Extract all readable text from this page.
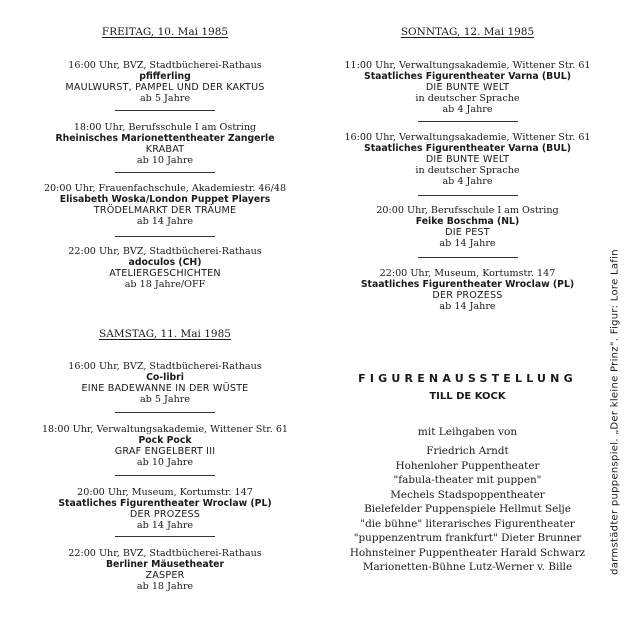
FREITAG, 10. Mai 1985
16:00 Uhr, BVZ, Stadtbücherei-Rathaus
pfifferling
MAULWURST, PAMPEL UND DER KAKTUS
ab 5 Jahre
18:00 Uhr, Berufsschule I am Ostring
Rheinisches Marionettentheater Zangerle
KRABAT
ab 10 Jahre
20:00 Uhr, Frauenfachschule, Akademiestr. 46/48
Elisabeth Woska/London Puppet Players
TRÖDELMARKT DER TRÄUME
ab 14 Jahre
22:00 Uhr, BVZ, Stadtbücherei-Rathaus
adoculos (CH)
ATELIERGESCHICHTEN
ab 18 Jahre/OFF
SAMSTAG, 11. Mai 1985
16:00 Uhr, BVZ, Stadtbücherei-Rathaus
Co-libri
EINE BADEWANNE IN DER WÜSTE
ab 5 Jahre
18:00 Uhr, Verwaltungsakademie, Wittener Str. 61
Pock Pock
GRAF ENGELBERT III
ab 10 Jahre
20:00 Uhr, Museum, Kortumstr. 147
Staatliches Figurentheater Wroclaw (PL)
DER PROZESS
ab 14 Jahre
22:00 Uhr, BVZ, Stadtbücherei-Rathaus
Berliner Mäusetheater
ZASPER
ab 18 Jahre
SONNTAG, 12. Mai 1985
11:00 Uhr, Verwaltungsakademie, Wittener Str. 61
Staatliches Figurentheater Varna (BUL)
DIE BUNTE WELT
in deutscher Sprache
ab 4 Jahre
16:00 Uhr, Verwaltungsakademie, Wittener Str. 61
Staatliches Figurentheater Varna (BUL)
DIE BUNTE WELT
in deutscher Sprache
ab 4 Jahre
20:00 Uhr, Berufsschule I am Ostring
Feike Boschma (NL)
DIE PEST
ab 14 Jahre
22:00 Uhr, Museum, Kortumstr. 147
Staatliches Figurentheater Wroclaw (PL)
DER PROZESS
ab 14 Jahre
FIGURENAUSSTELLUNG
TILL DE KOCK
mit Leihgaben von
Friedrich Arndt
Hohenloher Puppentheater
"fabula-theater mit puppen"
Mechels Stadspoppentheater
Bielefelder Puppenspiele Hellmut Selje
"die bühne" literarisches Figurentheater
"puppenzentrum frankfurt" Dieter Brunner
Hohnsteiner Puppentheater Harald Schwarz
Marionetten-Bühne Lutz-Werner v. Bille	darmstädter puppenspiel. „Der kleine Prinz". Figur: Lore Lafin
